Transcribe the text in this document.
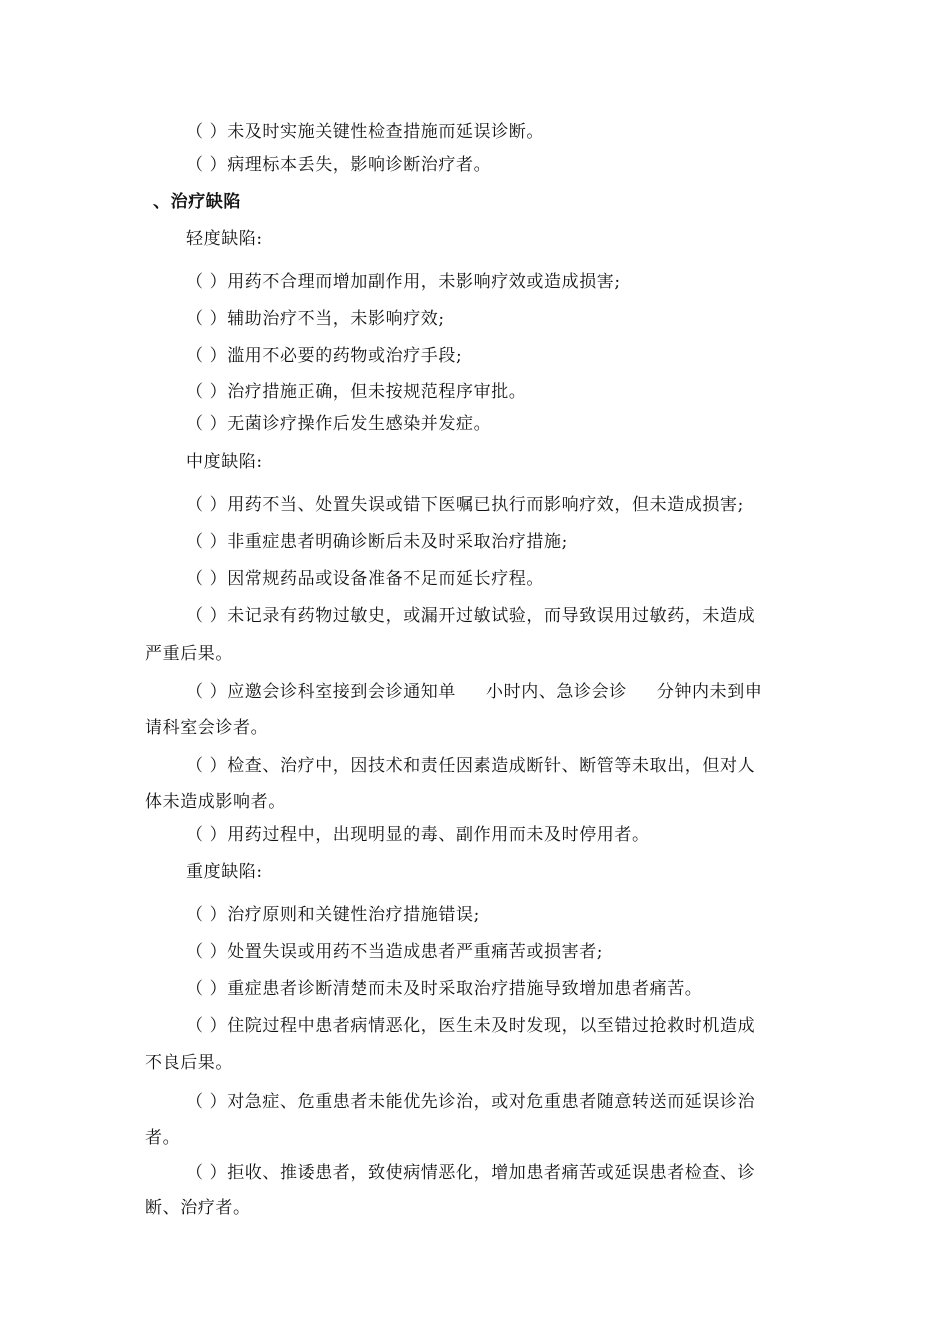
（ ）未及时实施关键性检查措施而延误诊断。
（ ）病理标本丢失，影响诊断治疗者。
、治疗缺陷
轻度缺陷:
（ ）用药不合理而增加副作用，未影响疗效或造成损害;
（ ）辅助治疗不当，未影响疗效;
（ ）滥用不必要的药物或治疗手段;
（ ）治疗措施正确，但未按规范程序审批。
（ ）无菌诊疗操作后发生感染并发症。
中度缺陷:
（ ）用药不当、处置失误或错下医嘱已执行而影响疗效，但未造成损害;
（ ）非重症患者明确诊断后未及时采取治疗措施;
（ ）因常规药品或设备准备不足而延长疗程。
（ ）未记录有药物过敏史，或漏开过敏试验，而导致误用过敏药，未造成
严重后果。
（ ）应邀会诊科室接到会诊通知单     小时内、急诊会诊     分钟内未到申
请科室会诊者。
（ ）检查、治疗中，因技术和责任因素造成断针、断管等未取出，但对人
体未造成影响者。
（ ）用药过程中，出现明显的毒、副作用而未及时停用者。
重度缺陷:
（ ）治疗原则和关键性治疗措施错误;
（ ）处置失误或用药不当造成患者严重痛苦或损害者;
（ ）重症患者诊断清楚而未及时采取治疗措施导致增加患者痛苦。
（ ）住院过程中患者病情恶化，医生未及时发现，以至错过抢救时机造成
不良后果。
（ ）对急症、危重患者未能优先诊治，或对危重患者随意转送而延误诊治
者。
（ ）拒收、推诿患者，致使病情恶化，增加患者痛苦或延误患者检查、诊
断、治疗者。
